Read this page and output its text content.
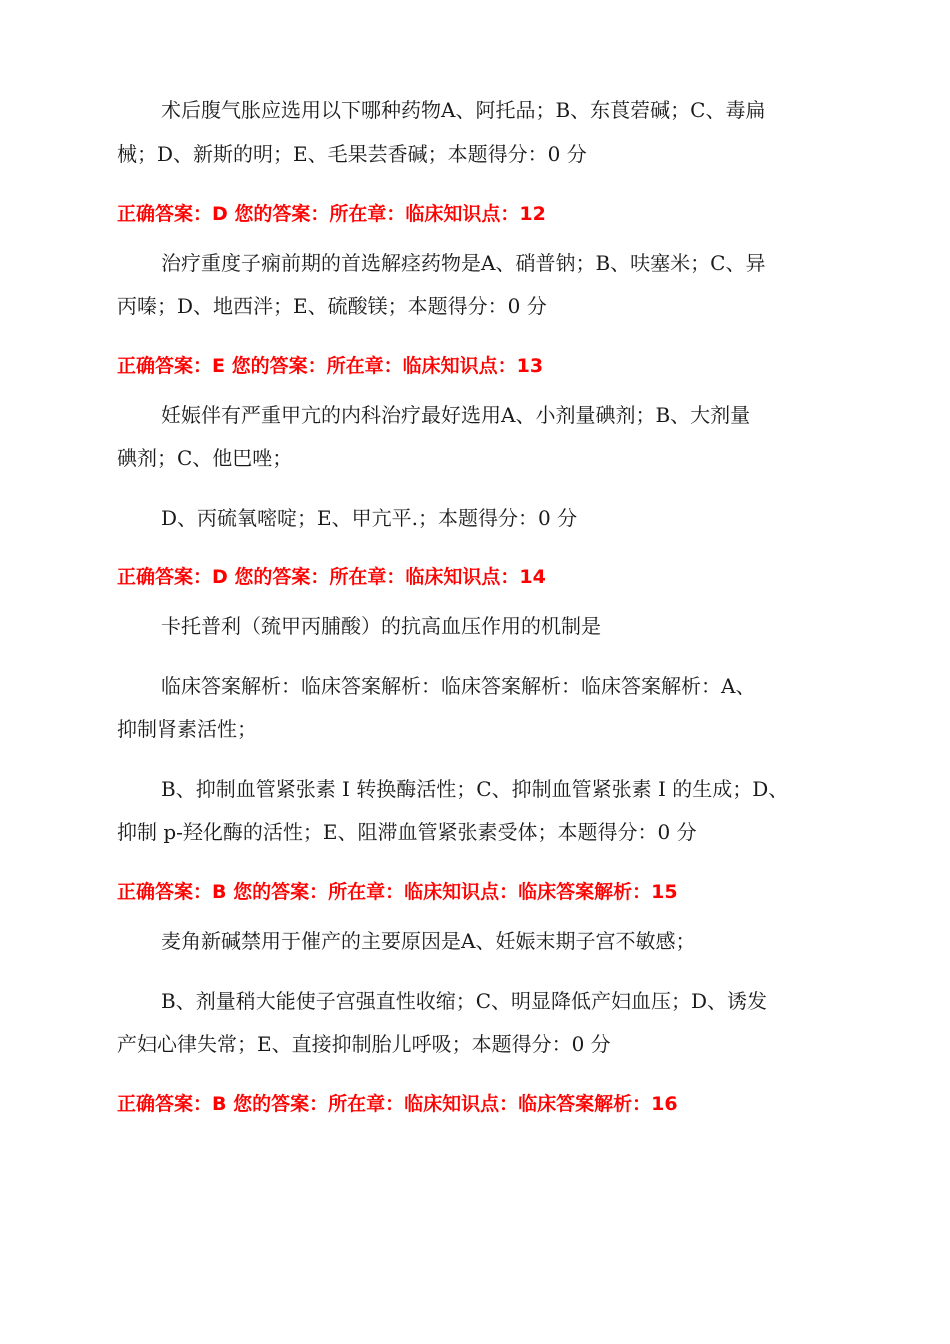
术后腹气胀应选用以下哪种药物A、阿托品；B、东莨菪碱；C、毒扁
械；D、新斯的明；E、毛果芸香碱；本题得分：0 分
正确答案：D 您的答案：所在章：临床知识点：12
治疗重度子痫前期的首选解痉药物是A、硝普钠；B、呋塞米；C、异
丙嗪；D、地西泮；E、硫酸镁；本题得分：0 分
正确答案：E 您的答案：所在章：临床知识点：13
妊娠伴有严重甲亢的内科治疗最好选用A、小剂量碘剂；B、大剂量
碘剂；C、他巴唑；
D、丙硫氧嘧啶；E、甲亢平.；本题得分：0 分
正确答案：D 您的答案：所在章：临床知识点：14
卡托普利（巯甲丙脯酸）的抗高血压作用的机制是
临床答案解析：临床答案解析：临床答案解析：临床答案解析：A、
抑制肾素活性；
B、抑制血管紧张素 I 转换酶活性；C、抑制血管紧张素 I 的生成；D、
抑制 p-羟化酶的活性；E、阻滞血管紧张素受体；本题得分：0 分
正确答案：B 您的答案：所在章：临床知识点：临床答案解析：15
麦角新碱禁用于催产的主要原因是A、妊娠末期子宫不敏感；
B、剂量稍大能使子宫强直性收缩；C、明显降低产妇血压；D、诱发
产妇心律失常；E、直接抑制胎儿呼吸；本题得分：0 分
正确答案：B 您的答案：所在章：临床知识点：临床答案解析：16
